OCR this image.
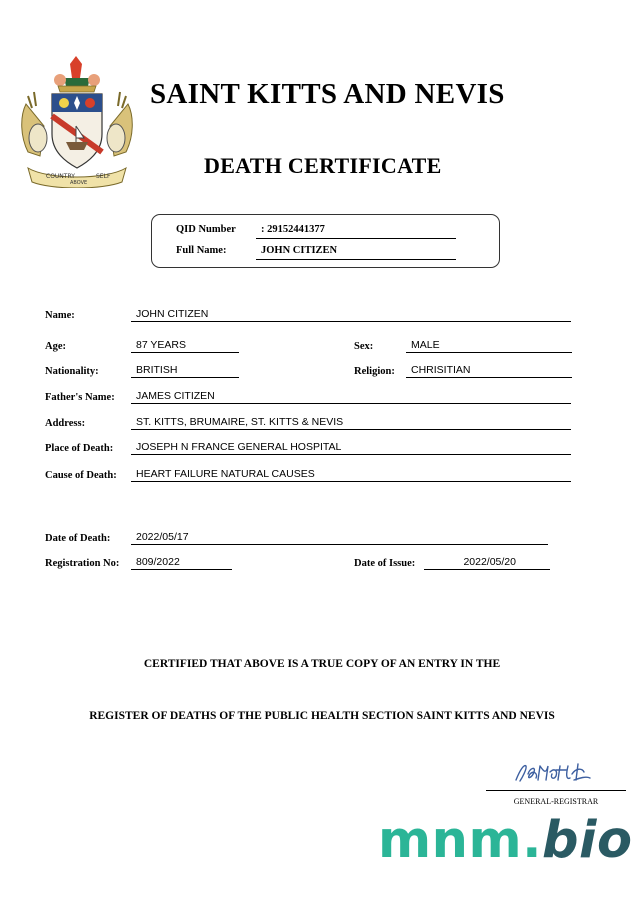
COUNTRY
ABOVE
SELF
SAINT KITTS AND NEVIS
DEATH CERTIFICATE
QID Number	: 29152441377
Full Name:	JOHN CITIZEN
Name:	JOHN CITIZEN
Age:	87 YEARS	Sex:	MALE
Nationality:	BRITISH	Religion:	CHRISITIAN
Father's Name:	JAMES CITIZEN
Address:	ST. KITTS, BRUMAIRE, ST. KITTS & NEVIS
Place of Death:	JOSEPH N FRANCE GENERAL HOSPITAL
Cause of Death:	HEART FAILURE NATURAL CAUSES
Date of Death:	2022/05/17
Registration No:	809/2022	Date of Issue:	2022/05/20
CERTIFIED THAT ABOVE IS A TRUE COPY OF AN ENTRY IN THE
REGISTER OF DEATHS OF THE PUBLIC HEALTH SECTION SAINT KITTS AND NEVIS
GENERAL-REGISTRAR
mnm.bio
